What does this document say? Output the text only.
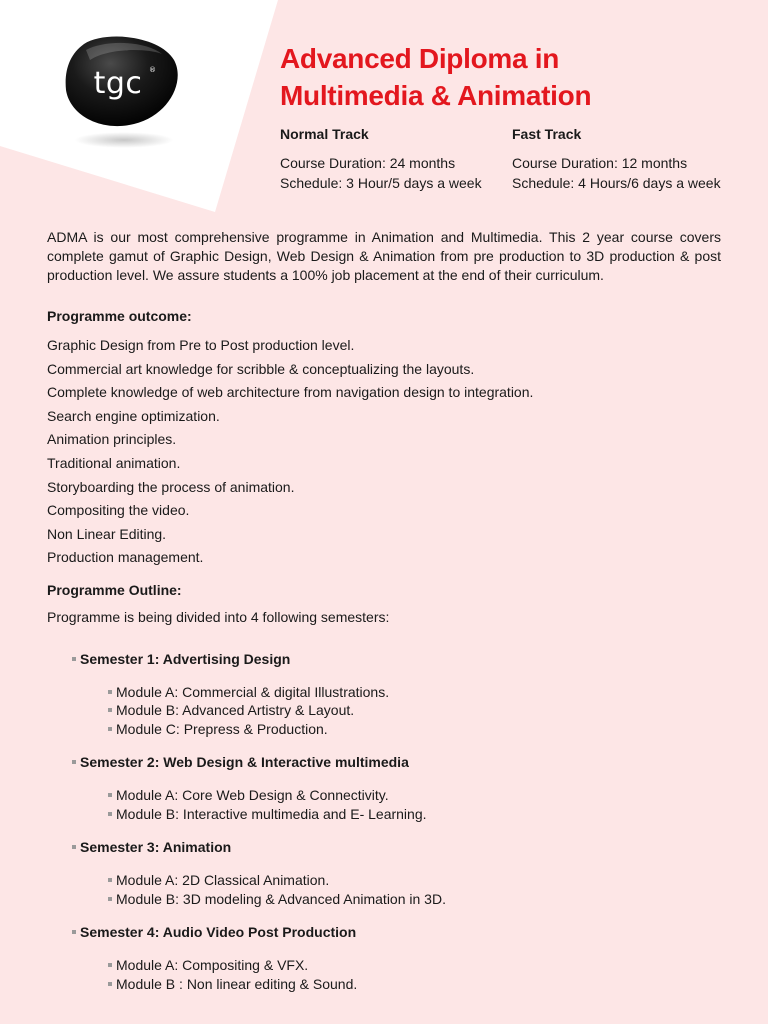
tgc ®	Advanced Diploma in
Multimedia & Animation
Normal Track

Course Duration: 24 months

Schedule: 3 Hour/5 days a week

Fast Track

Course Duration: 12 months

Schedule: 4 Hours/6 days a week

ADMA is our most comprehensive programme in Animation and Multimedia. This 2 year course covers complete gamut of Graphic Design, Web Design & Animation from pre production to 3D production & post production level. We assure students a 100% job placement at the end of their curriculum.

Programme outcome:

Graphic Design from Pre to Post production level.
Commercial art knowledge for scribble & conceptualizing the layouts.
Complete knowledge of web architecture from navigation design to integration.
Search engine optimization.
Animation principles.
Traditional animation.
Storyboarding the process of animation.
Compositing the video.
Non Linear Editing.
Production management.

Programme Outline:

Programme is being divided into 4 following semesters:

Semester 1: Advertising Design
Module A: Commercial & digital Illustrations.
Module B: Advanced Artistry & Layout.
Module C: Prepress & Production.
Semester 2: Web Design & Interactive multimedia
Module A: Core Web Design & Connectivity.
Module B: Interactive multimedia and E- Learning.
Semester 3: Animation
Module A: 2D Classical Animation.
Module B: 3D modeling & Advanced Animation in 3D.
Semester 4: Audio Video Post Production
Module A: Compositing & VFX.
Module B : Non linear editing & Sound.
